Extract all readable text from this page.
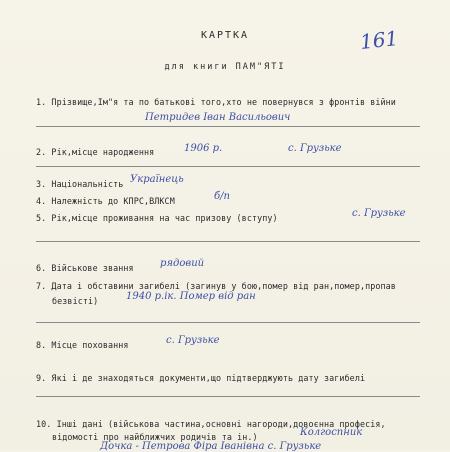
КАРТКА
для книги ПАМ"ЯТІ
161
1. Прізвище,Ім"я та по батькові того,хто не повернувся з фронтів війни
Петридев Іван Васильович
2. Рік,місце народження	1906 р.	с. Грузьке
3. Національність Українець
4. Належність до КПРС,ВЛКСМ	б/п
5. Рік,місце проживання на час призову (вступу)	с. Грузьке
6. Військове звання	рядовий
7. Дата і обставини загибелі (загинув у бою,помер від ран,помер,пропав
безвісті)	1940 р.ік. Помер від ран
8. Місце поховання	с. Грузьке
9. Які і де знаходяться документи,що підтверджують дату загибелі
10. Інші дані (військова частина,основні нагороди,довоєнна професія,
відомості про найближчих родичів та ін.)	Колгоспник
Дочка - Петрова Фіра Іванівна с. Грузьке
